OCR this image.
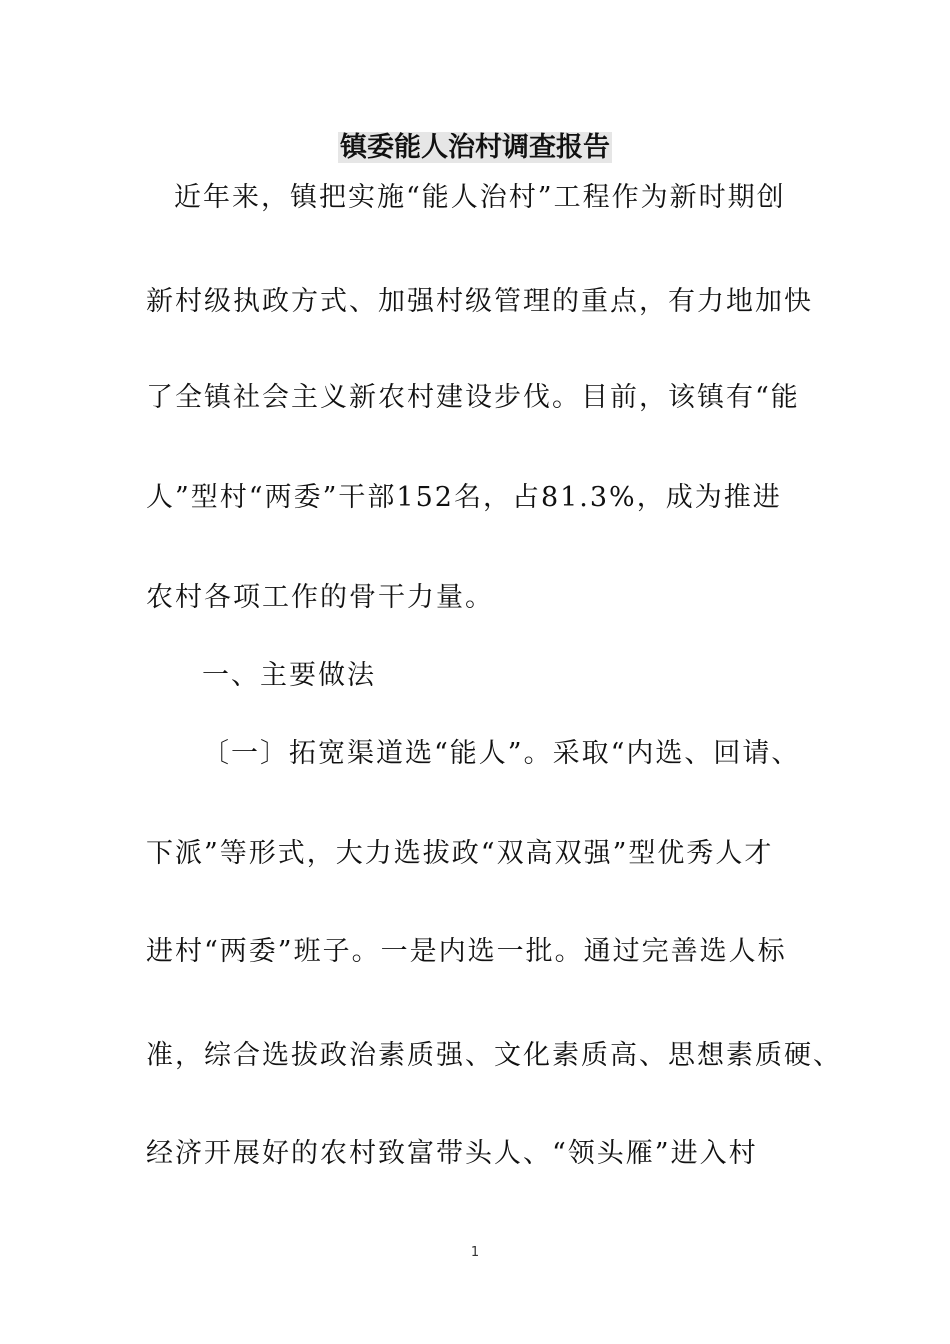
镇委能人治村调查报告
近年来，镇把实施“能人治村”工程作为新时期创
新村级执政方式、加强村级管理的重点，有力地加快
了全镇社会主义新农村建设步伐。目前，该镇有“能
人”型村“两委”干部152名，占81.3%，成为推进
农村各项工作的骨干力量。
一、主要做法
〔一〕拓宽渠道选“能人”。采取“内选、回请、
下派”等形式，大力选拔政“双高双强”型优秀人才
进村“两委”班子。一是内选一批。通过完善选人标
准，综合选拔政治素质强、文化素质高、思想素质硬、
经济开展好的农村致富带头人、“领头雁”进入村
1
